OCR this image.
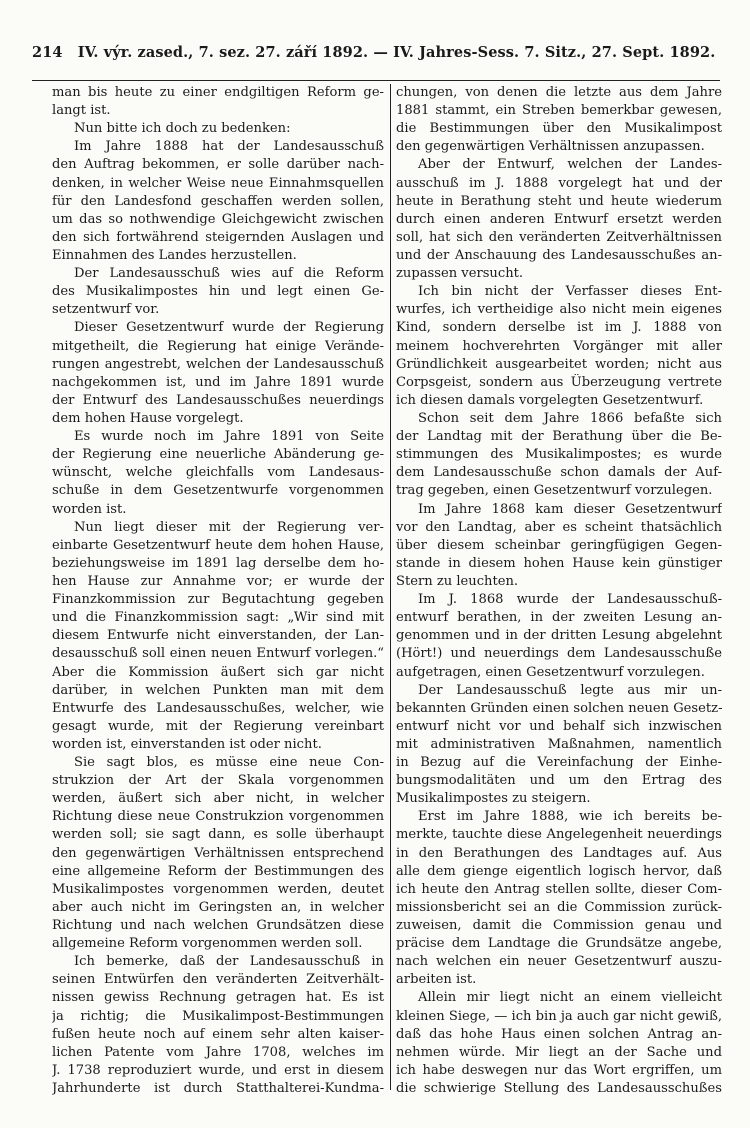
214 IV. výr. zased., 7. sez. 27. září 1892. — IV. Jahres-Sess. 7. Sitz., 27. Sept. 1892.
man bis heute zu einer endgiltigen Reform ge-
langt ist.
Nun bitte ich doch zu bedenken:
Im Jahre 1888 hat der Landesausschuß
den Auftrag bekommen, er solle darüber nach-
denken, in welcher Weise neue Einnahmsquellen
für den Landesfond geschaffen werden sollen,
um das so nothwendige Gleichgewicht zwischen
den sich fortwährend steigernden Auslagen und
Einnahmen des Landes herzustellen.
Der Landesausschuß wies auf die Reform
des Musikalimpostes hin und legt einen Ge-
setzentwurf vor.
Dieser Gesetzentwurf wurde der Regierung
mitgetheilt, die Regierung hat einige Verände-
rungen angestrebt, welchen der Landesausschuß
nachgekommen ist, und im Jahre 1891 wurde
der Entwurf des Landesausschußes neuerdings
dem hohen Hause vorgelegt.
Es wurde noch im Jahre 1891 von Seite
der Regierung eine neuerliche Abänderung ge-
wünscht, welche gleichfalls vom Landesaus-
schuße in dem Gesetzentwurfe vorgenommen
worden ist.
Nun liegt dieser mit der Regierung ver-
einbarte Gesetzentwurf heute dem hohen Hause,
beziehungsweise im 1891 lag derselbe dem ho-
hen Hause zur Annahme vor; er wurde der
Finanzkommission zur Begutachtung gegeben
und die Finanzkommission sagt: „Wir sind mit
diesem Entwurfe nicht einverstanden, der Lan-
desausschuß soll einen neuen Entwurf vorlegen.“
Aber die Kommission äußert sich gar nicht
darüber, in welchen Punkten man mit dem
Entwurfe des Landesausschußes, welcher, wie
gesagt wurde, mit der Regierung vereinbart
worden ist, einverstanden ist oder nicht.
Sie sagt blos, es müsse eine neue Con-
strukzion der Art der Skala vorgenommen
werden, äußert sich aber nicht, in welcher
Richtung diese neue Construkzion vorgenommen
werden soll; sie sagt dann, es solle überhaupt
den gegenwärtigen Verhältnissen entsprechend
eine allgemeine Reform der Bestimmungen des
Musikalimpostes vorgenommen werden, deutet
aber auch nicht im Geringsten an, in welcher
Richtung und nach welchen Grundsätzen diese
allgemeine Reform vorgenommen werden soll.
Ich bemerke, daß der Landesausschuß in
seinen Entwürfen den veränderten Zeitverhält-
nissen gewiss Rechnung getragen hat. Es ist
ja richtig; die Musikalimpost-Bestimmungen
fußen heute noch auf einem sehr alten kaiser-
lichen Patente vom Jahre 1708, welches im
J. 1738 reproduziert wurde, und erst in diesem
Jahrhunderte ist durch Statthalterei-Kundma-
chungen, von denen die letzte aus dem Jahre
1881 stammt, ein Streben bemerkbar gewesen,
die Bestimmungen über den Musikalimpost
den gegenwärtigen Verhältnissen anzupassen.
Aber der Entwurf, welchen der Landes-
ausschuß im J. 1888 vorgelegt hat und der
heute in Berathung steht und heute wiederum
durch einen anderen Entwurf ersetzt werden
soll, hat sich den veränderten Zeitverhältnissen
und der Anschauung des Landesausschußes an-
zupassen versucht.
Ich bin nicht der Verfasser dieses Ent-
wurfes, ich vertheidige also nicht mein eigenes
Kind, sondern derselbe ist im J. 1888 von
meinem hochverehrten Vorgänger mit aller
Gründlichkeit ausgearbeitet worden; nicht aus
Corpsgeist, sondern aus Überzeugung vertrete
ich diesen damals vorgelegten Gesetzentwurf.
Schon seit dem Jahre 1866 befaßte sich
der Landtag mit der Berathung über die Be-
stimmungen des Musikalimpostes; es wurde
dem Landesausschuße schon damals der Auf-
trag gegeben, einen Gesetzentwurf vorzulegen.
Im Jahre 1868 kam dieser Gesetzentwurf
vor den Landtag, aber es scheint thatsächlich
über diesem scheinbar geringfügigen Gegen-
stande in diesem hohen Hause kein günstiger
Stern zu leuchten.
Im J. 1868 wurde der Landesausschuß-
entwurf berathen, in der zweiten Lesung an-
genommen und in der dritten Lesung abgelehnt
(Hört!) und neuerdings dem Landesausschuße
aufgetragen, einen Gesetzentwurf vorzulegen.
Der Landesausschuß legte aus mir un-
bekannten Gründen einen solchen neuen Gesetz-
entwurf nicht vor und behalf sich inzwischen
mit administrativen Maßnahmen, namentlich
in Bezug auf die Vereinfachung der Einhe-
bungsmodalitäten und um den Ertrag des
Musikalimpostes zu steigern.
Erst im Jahre 1888, wie ich bereits be-
merkte, tauchte diese Angelegenheit neuerdings
in den Berathungen des Landtages auf. Aus
alle dem gienge eigentlich logisch hervor, daß
ich heute den Antrag stellen sollte, dieser Com-
missionsbericht sei an die Commission zurück-
zuweisen, damit die Commission genau und
präcise dem Landtage die Grundsätze angebe,
nach welchen ein neuer Gesetzentwurf auszu-
arbeiten ist.
Allein mir liegt nicht an einem vielleicht
kleinen Siege, — ich bin ja auch gar nicht gewiß,
daß das hohe Haus einen solchen Antrag an-
nehmen würde. Mir liegt an der Sache und
ich habe deswegen nur das Wort ergriffen, um
die schwierige Stellung des Landesausschußes
